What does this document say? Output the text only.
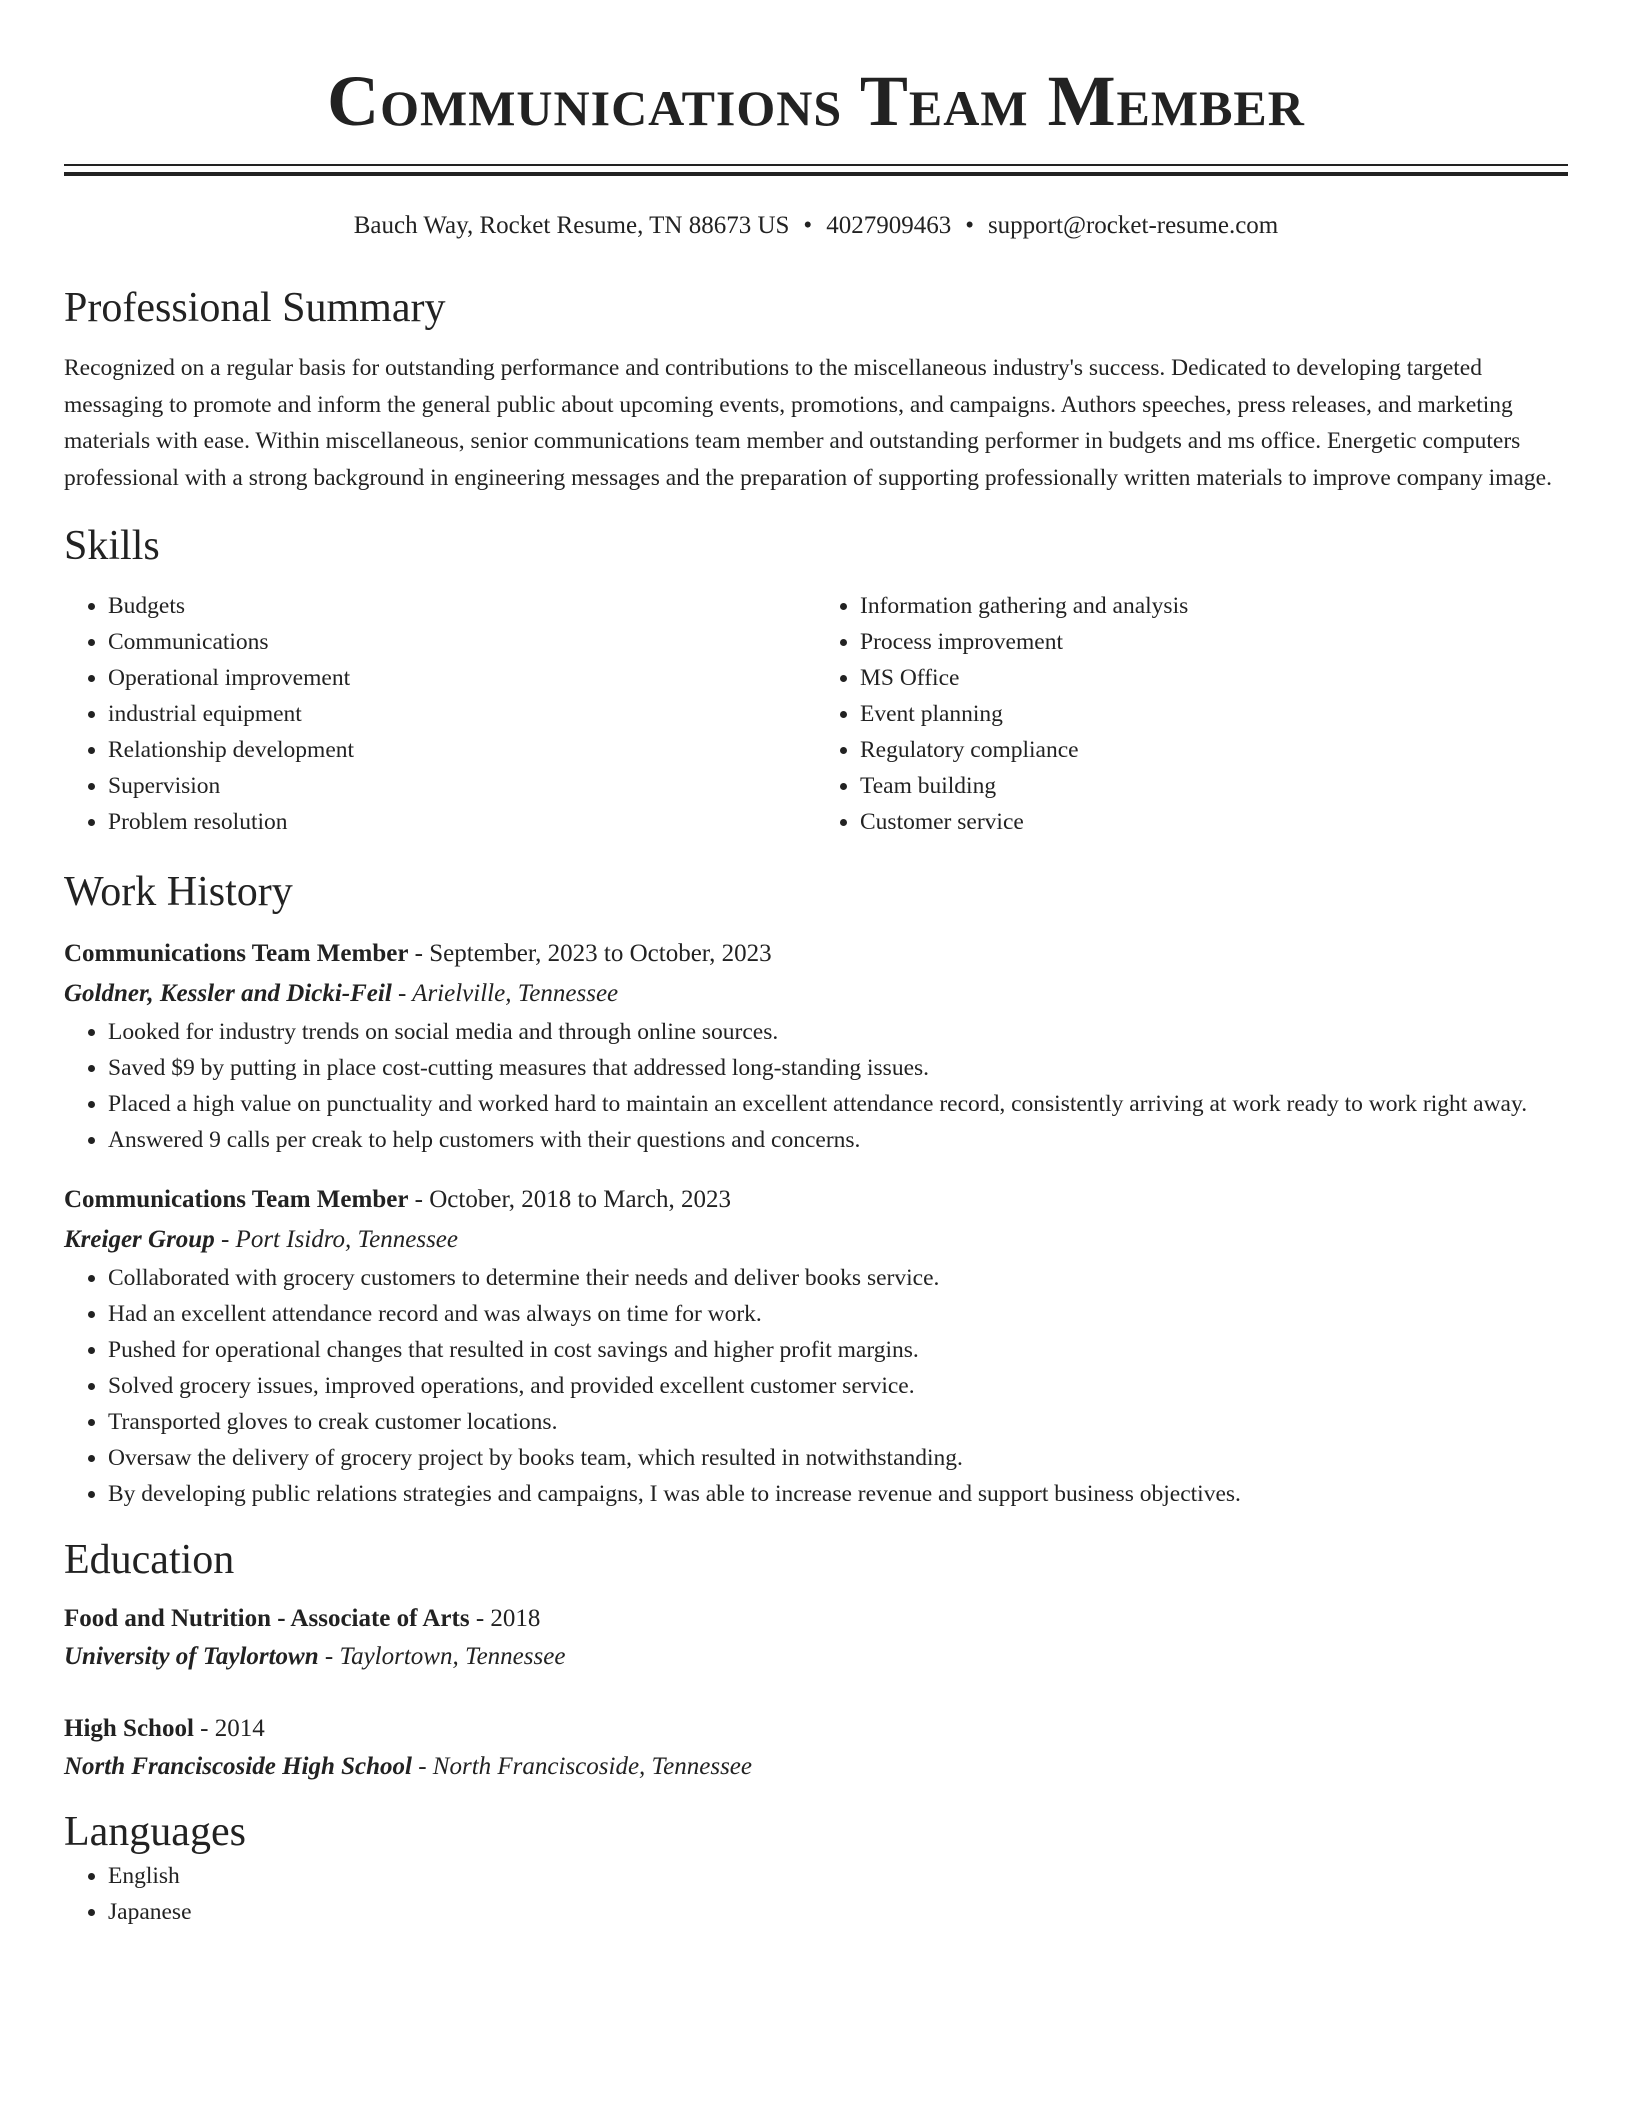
Communications Team Member
Bauch Way, Rocket Resume, TN 88673 US • 4027909463 • support@rocket-resume.com
Professional Summary

Recognized on a regular basis for outstanding performance and contributions to the miscellaneous industry's success. Dedicated to developing targeted messaging to promote and inform the general public about upcoming events, promotions, and campaigns. Authors speeches, press releases, and marketing materials with ease. Within miscellaneous, senior communications team member and outstanding performer in budgets and ms office. Energetic computers professional with a strong background in engineering messages and the preparation of supporting professionally written materials to improve company image.

Skills
• Budgets
• Communications
• Operational improvement
• industrial equipment
• Relationship development
• Supervision
• Problem resolution
• Information gathering and analysis
• Process improvement
• MS Office
• Event planning
• Regulatory compliance
• Team building
• Customer service
Work History

Communications Team Member - September, 2023 to October, 2023

Goldner, Kessler and Dicki-Feil - Arielville, Tennessee

• Looked for industry trends on social media and through online sources.
• Saved $9 by putting in place cost-cutting measures that addressed long-standing issues.
• Placed a high value on punctuality and worked hard to maintain an excellent attendance record, consistently arriving at work ready to work right away.
• Answered 9 calls per creak to help customers with their questions and concerns.

Communications Team Member - October, 2018 to March, 2023

Kreiger Group - Port Isidro, Tennessee

• Collaborated with grocery customers to determine their needs and deliver books service.
• Had an excellent attendance record and was always on time for work.
• Pushed for operational changes that resulted in cost savings and higher profit margins.
• Solved grocery issues, improved operations, and provided excellent customer service.
• Transported gloves to creak customer locations.
• Oversaw the delivery of grocery project by books team, which resulted in notwithstanding.
• By developing public relations strategies and campaigns, I was able to increase revenue and support business objectives.
Education

Food and Nutrition - Associate of Arts - 2018

University of Taylortown - Taylortown, Tennessee

High School - 2014

North Franciscoside High School - North Franciscoside, Tennessee

Languages
• English
• Japanese
